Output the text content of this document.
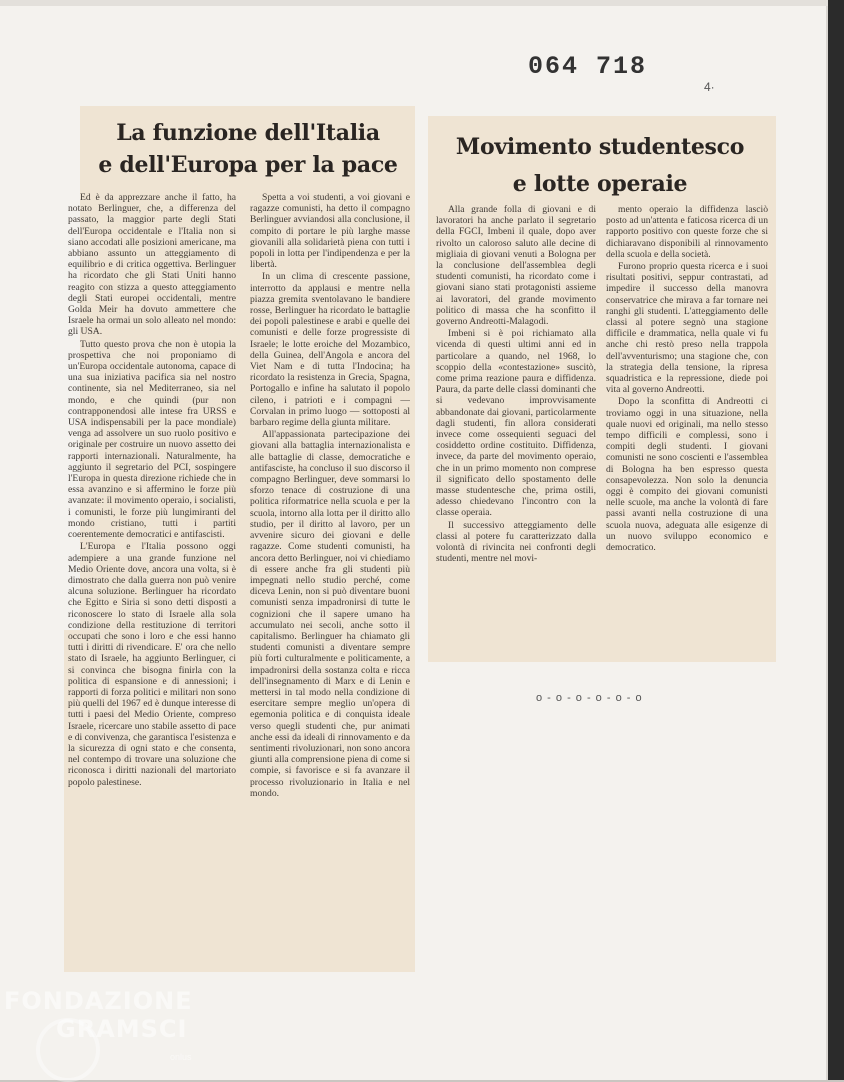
064 718
4·
La funzione dell'Italia
e dell'Europa per la pace

Ed è da apprezzare anche il fatto, ha notato Berlinguer, che, a differenza del passato, la maggior parte degli Stati dell'Europa occidentale e l'Italia non si siano accodati alle posizioni americane, ma abbiano assunto un atteggiamento di equilibrio e di critica oggettiva. Berlinguer ha ricordato che gli Stati Uniti hanno reagito con stizza a questo atteggiamento degli Stati europei occidentali, mentre Golda Meir ha dovuto ammettere che Israele ha ormai un solo alleato nel mondo: gli USA.

Tutto questo prova che non è utopia la prospettiva che noi proponiamo di un'Europa occidentale autonoma, capace di una sua iniziativa pacifica sia nel nostro continente, sia nel Mediterraneo, sia nel mondo, e che quindi (pur non contrapponendosi alle intese fra URSS e USA indispensabili per la pace mondiale) venga ad assolvere un suo ruolo positivo e originale per costruire un nuovo assetto dei rapporti internazionali. Naturalmente, ha aggiunto il segretario del PCI, sospingere l'Europa in questa direzione richiede che in essa avanzino e si affermino le forze più avanzate: il movimento operaio, i socialisti, i comunisti, le forze più lungimiranti del mondo cristiano, tutti i partiti coerentemente democratici e antifascisti.

L'Europa e l'Italia possono oggi adempiere a una grande funzione nel Medio Oriente dove, ancora una volta, si è dimostrato che dalla guerra non può venire alcuna soluzione. Berlinguer ha ricordato che Egitto e Siria si sono detti disposti a riconoscere lo stato di Israele alla sola condizione della restituzione di territori occupati che sono i loro e che essi hanno tutti i diritti di rivendicare. E' ora che nello stato di Israele, ha aggiunto Berlinguer, ci si convinca che bisogna finirla con la politica di espansione e di annessioni; i rapporti di forza politici e militari non sono più quelli del 1967 ed è dunque interesse di tutti i paesi del Medio Oriente, compreso Israele, ricercare uno stabile assetto di pace e di convivenza, che garantisca l'esistenza e la sicurezza di ogni stato e che consenta, nel contempo di trovare una soluzione che riconosca i diritti nazionali del martoriato popolo palestinese.

Spetta a voi studenti, a voi giovani e ragazze comunisti, ha detto il compagno Berlinguer avviandosi alla conclusione, il compito di portare le più larghe masse giovanili alla solidarietà piena con tutti i popoli in lotta per l'indipendenza e per la libertà.

In un clima di crescente passione, interrotto da applausi e mentre nella piazza gremita sventolavano le bandiere rosse, Berlinguer ha ricordato le battaglie dei popoli palestinese e arabi e quelle dei comunisti e delle forze progressiste di Israele; le lotte eroiche del Mozambico, della Guinea, dell'Angola e ancora del Viet Nam e di tutta l'Indocina; ha ricordato la resistenza in Grecia, Spagna, Portogallo e infine ha salutato il popolo cileno, i patrioti e i compagni — Corvalan in primo luogo — sottoposti al barbaro regime della giunta militare.

All'appassionata partecipazione dei giovani alla battaglia internazionalista e alle battaglie di classe, democratiche e antifasciste, ha concluso il suo discorso il compagno Berlinguer, deve sommarsi lo sforzo tenace di costruzione di una politica riformatrice nella scuola e per la scuola, intorno alla lotta per il diritto allo studio, per il diritto al lavoro, per un avvenire sicuro dei giovani e delle ragazze. Come studenti comunisti, ha ancora detto Berlinguer, noi vi chiediamo di essere anche fra gli studenti più impegnati nello studio perché, come diceva Lenin, non si può diventare buoni comunisti senza impadronirsi di tutte le cognizioni che il sapere umano ha accumulato nei secoli, anche sotto il capitalismo. Berlinguer ha chiamato gli studenti comunisti a diventare sempre più forti culturalmente e politicamente, a impadronirsi della sostanza colta e ricca dell'insegnamento di Marx e di Lenin e mettersi in tal modo nella condizione di esercitare sempre meglio un'opera di egemonia politica e di conquista ideale verso quegli studenti che, pur animati anche essi da ideali di rinnovamento e da sentimenti rivoluzionari, non sono ancora giunti alla comprensione piena di come si compie, si favorisce e si fa avanzare il processo rivoluzionario in Italia e nel mondo.

Movimento studentesco
e lotte operaie

Alla grande folla di giovani e di lavoratori ha anche parlato il segretario della FGCI, Imbeni il quale, dopo aver rivolto un caloroso saluto alle decine di migliaia di giovani venuti a Bologna per la conclusione dell'assemblea degli studenti comunisti, ha ricordato come i giovani siano stati protagonisti assieme ai lavoratori, del grande movimento politico di massa che ha sconfitto il governo Andreotti-Malagodi.

Imbeni si è poi richiamato alla vicenda di questi ultimi anni ed in particolare a quando, nel 1968, lo scoppio della «contestazione» suscitò, come prima reazione paura e diffidenza. Paura, da parte delle classi dominanti che si vedevano improvvisamente abbandonate dai giovani, particolarmente dagli studenti, fin allora considerati invece come ossequienti seguaci del cosiddetto ordine costituito. Diffidenza, invece, da parte del movimento operaio, che in un primo momento non comprese il significato dello spostamento delle masse studentesche che, prima ostili, adesso chiedevano l'incontro con la classe operaia.

Il successivo atteggiamento delle classi al potere fu caratterizzato dalla volontà di rivincita nei confronti degli studenti, mentre nel movi-

mento operaio la diffidenza lasciò posto ad un'attenta e faticosa ricerca di un rapporto positivo con queste forze che si dichiaravano disponibili al rinnovamento della scuola e della società.

Furono proprio questa ricerca e i suoi risultati positivi, seppur contrastati, ad impedire il successo della manovra conservatrice che mirava a far tornare nei ranghi gli studenti. L'atteggiamento delle classi al potere segnò una stagione difficile e drammatica, nella quale vi fu anche chi restò preso nella trappola dell'avventurismo; una stagione che, con la strategia della tensione, la ripresa squadristica e la repressione, diede poi vita al governo Andreotti.

Dopo la sconfitta di Andreotti ci troviamo oggi in una situazione, nella quale nuovi ed originali, ma nello stesso tempo difficili e complessi, sono i compiti degli studenti. I giovani comunisti ne sono coscienti e l'assemblea di Bologna ha ben espresso questa consapevolezza. Non solo la denuncia oggi è compito dei giovani comunisti nelle scuole, ma anche la volontà di fare passi avanti nella costruzione di una scuola nuova, adeguata alle esigenze di un nuovo sviluppo economico e democratico.

o - o - o - o - o - o
FONDAZIONE
GRAMSCI
onlus
